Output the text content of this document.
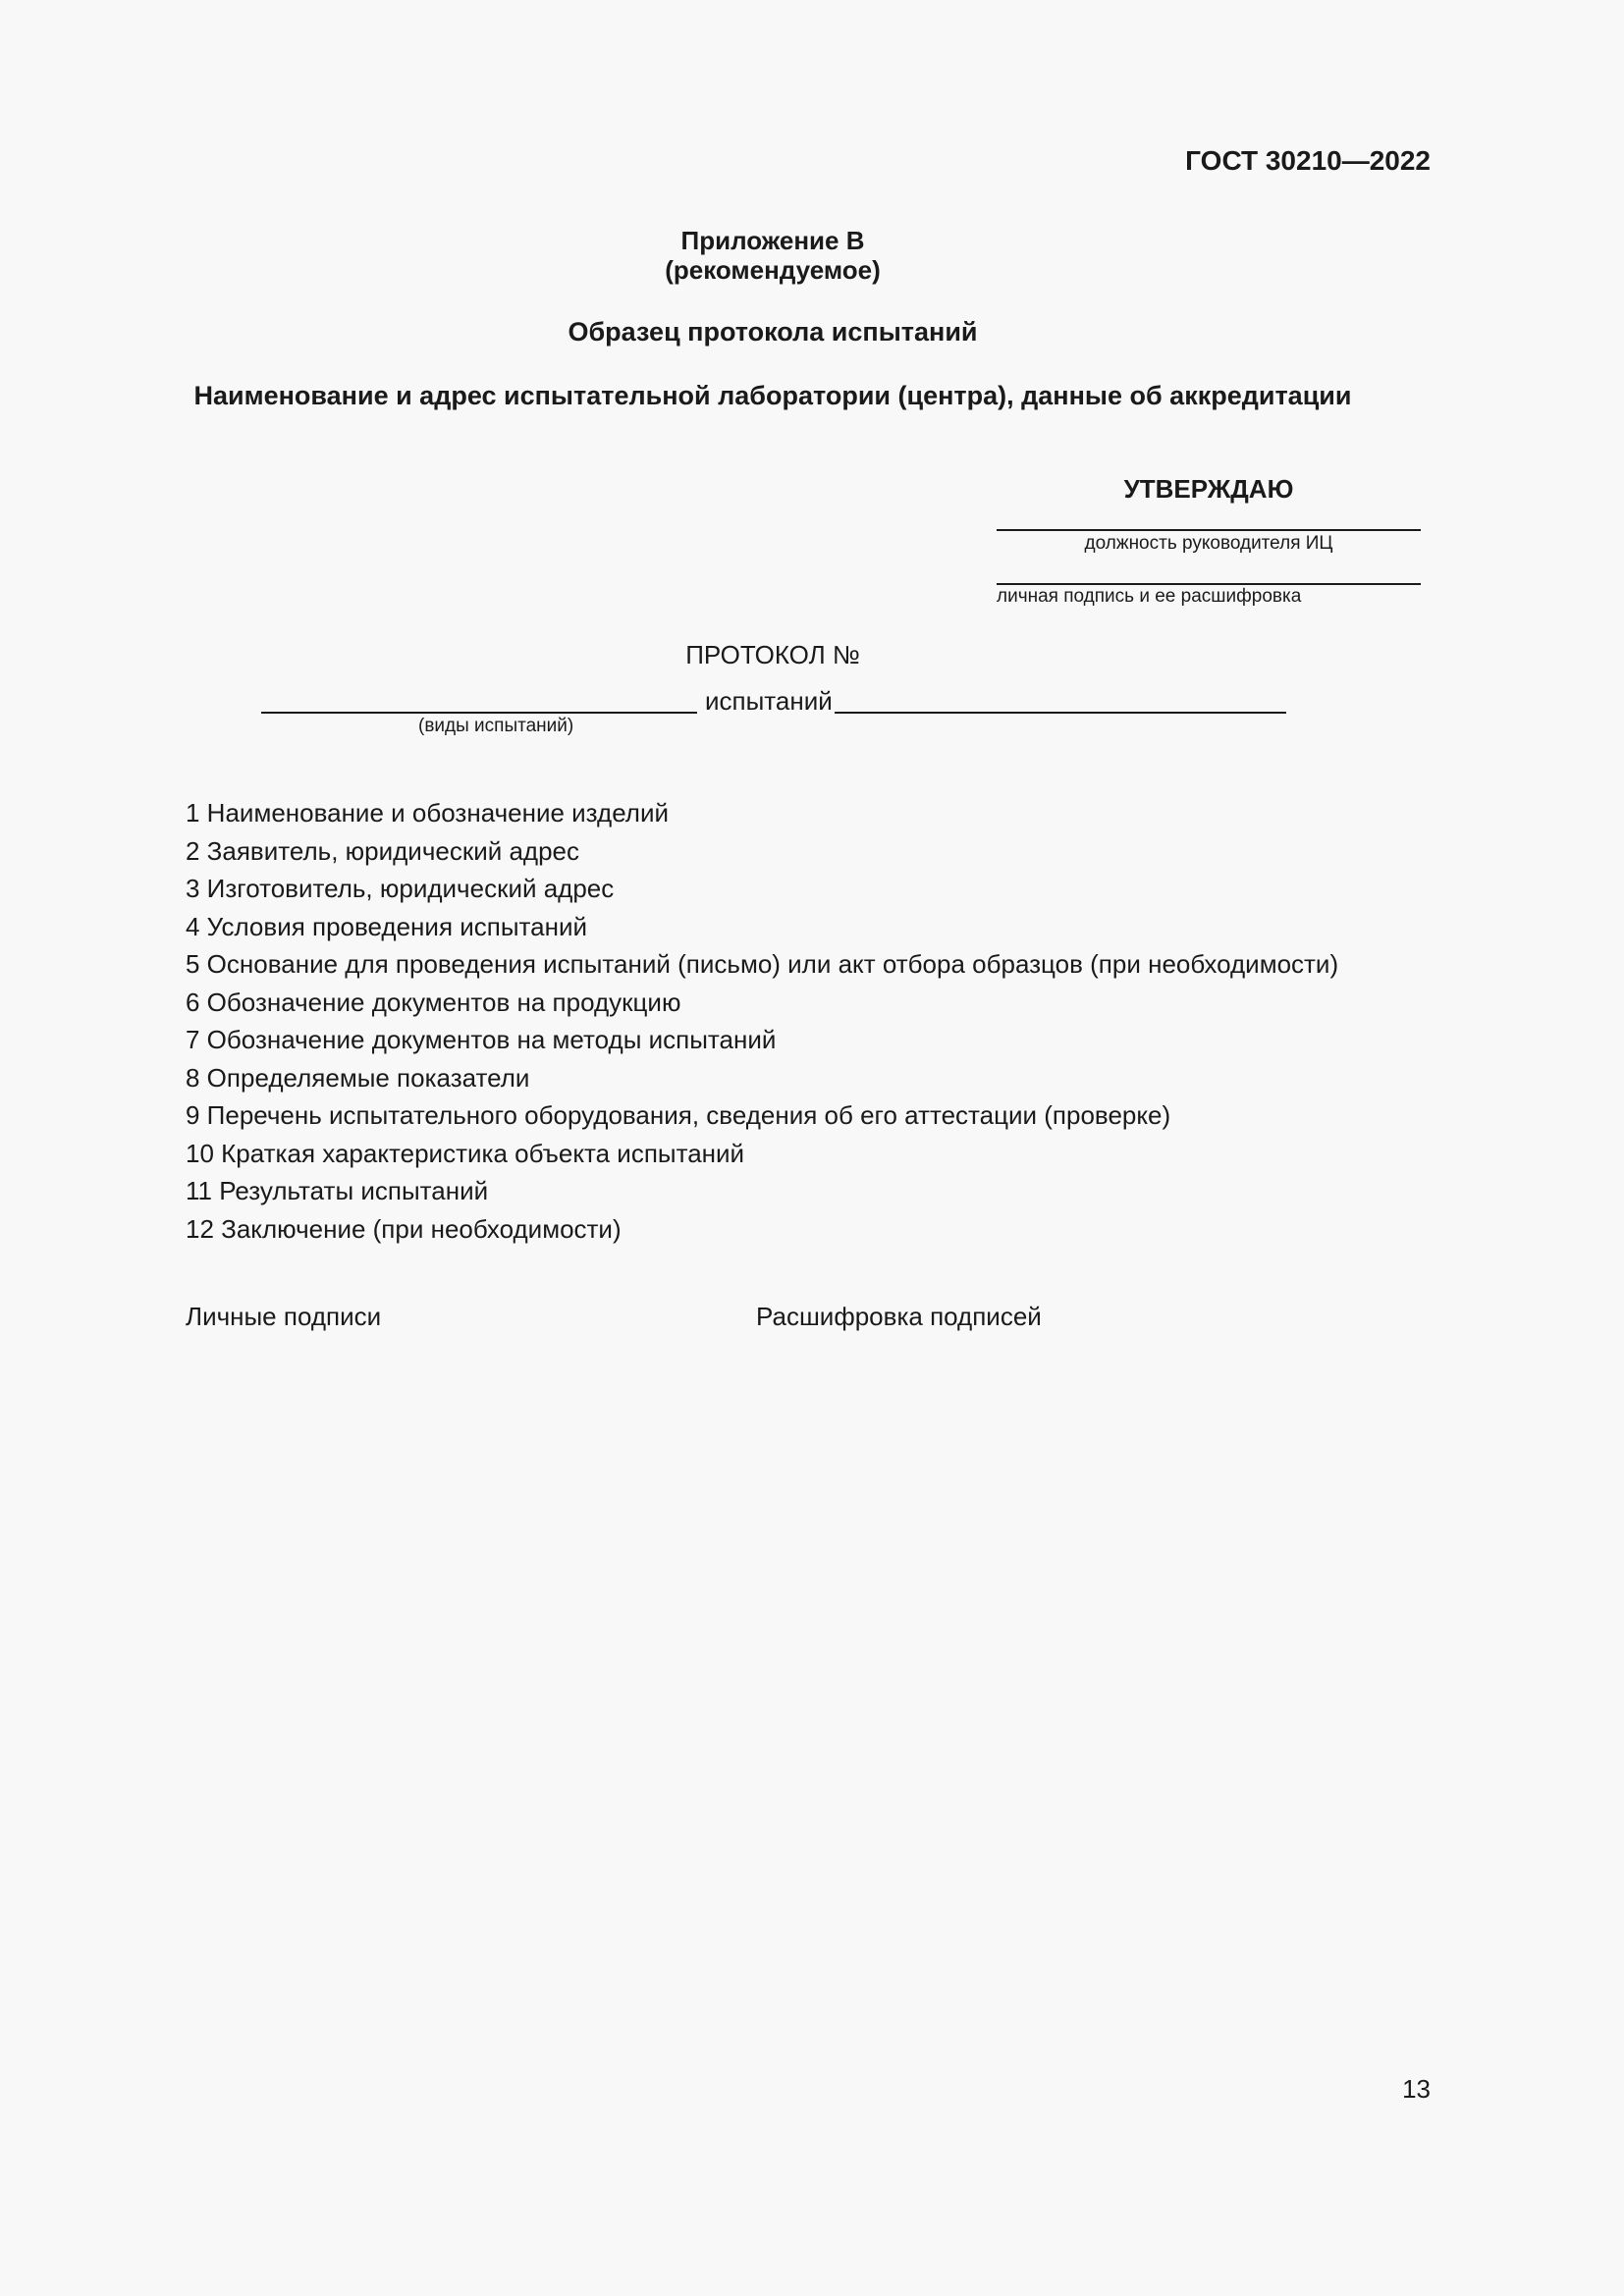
ГОСТ 30210—2022
Приложение В
(рекомендуемое)
Образец протокола испытаний
Наименование и адрес испытательной лаборатории (центра), данные об аккредитации
УТВЕРЖДАЮ
должность руководителя ИЦ
личная подпись и ее расшифровка
ПРОТОКОЛ №
испытаний
(виды испытаний)
1 Наименование и обозначение изделий
2 Заявитель, юридический адрес
3 Изготовитель, юридический адрес
4 Условия проведения испытаний
5 Основание для проведения испытаний (письмо) или акт отбора образцов (при необходимости)
6 Обозначение документов на продукцию
7 Обозначение документов на методы испытаний
8 Определяемые показатели
9 Перечень испытательного оборудования, сведения об его аттестации (проверке)
10 Краткая характеристика объекта испытаний
11 Результаты испытаний
12 Заключение (при необходимости)
Личные подписи	Расшифровка подписей
13
